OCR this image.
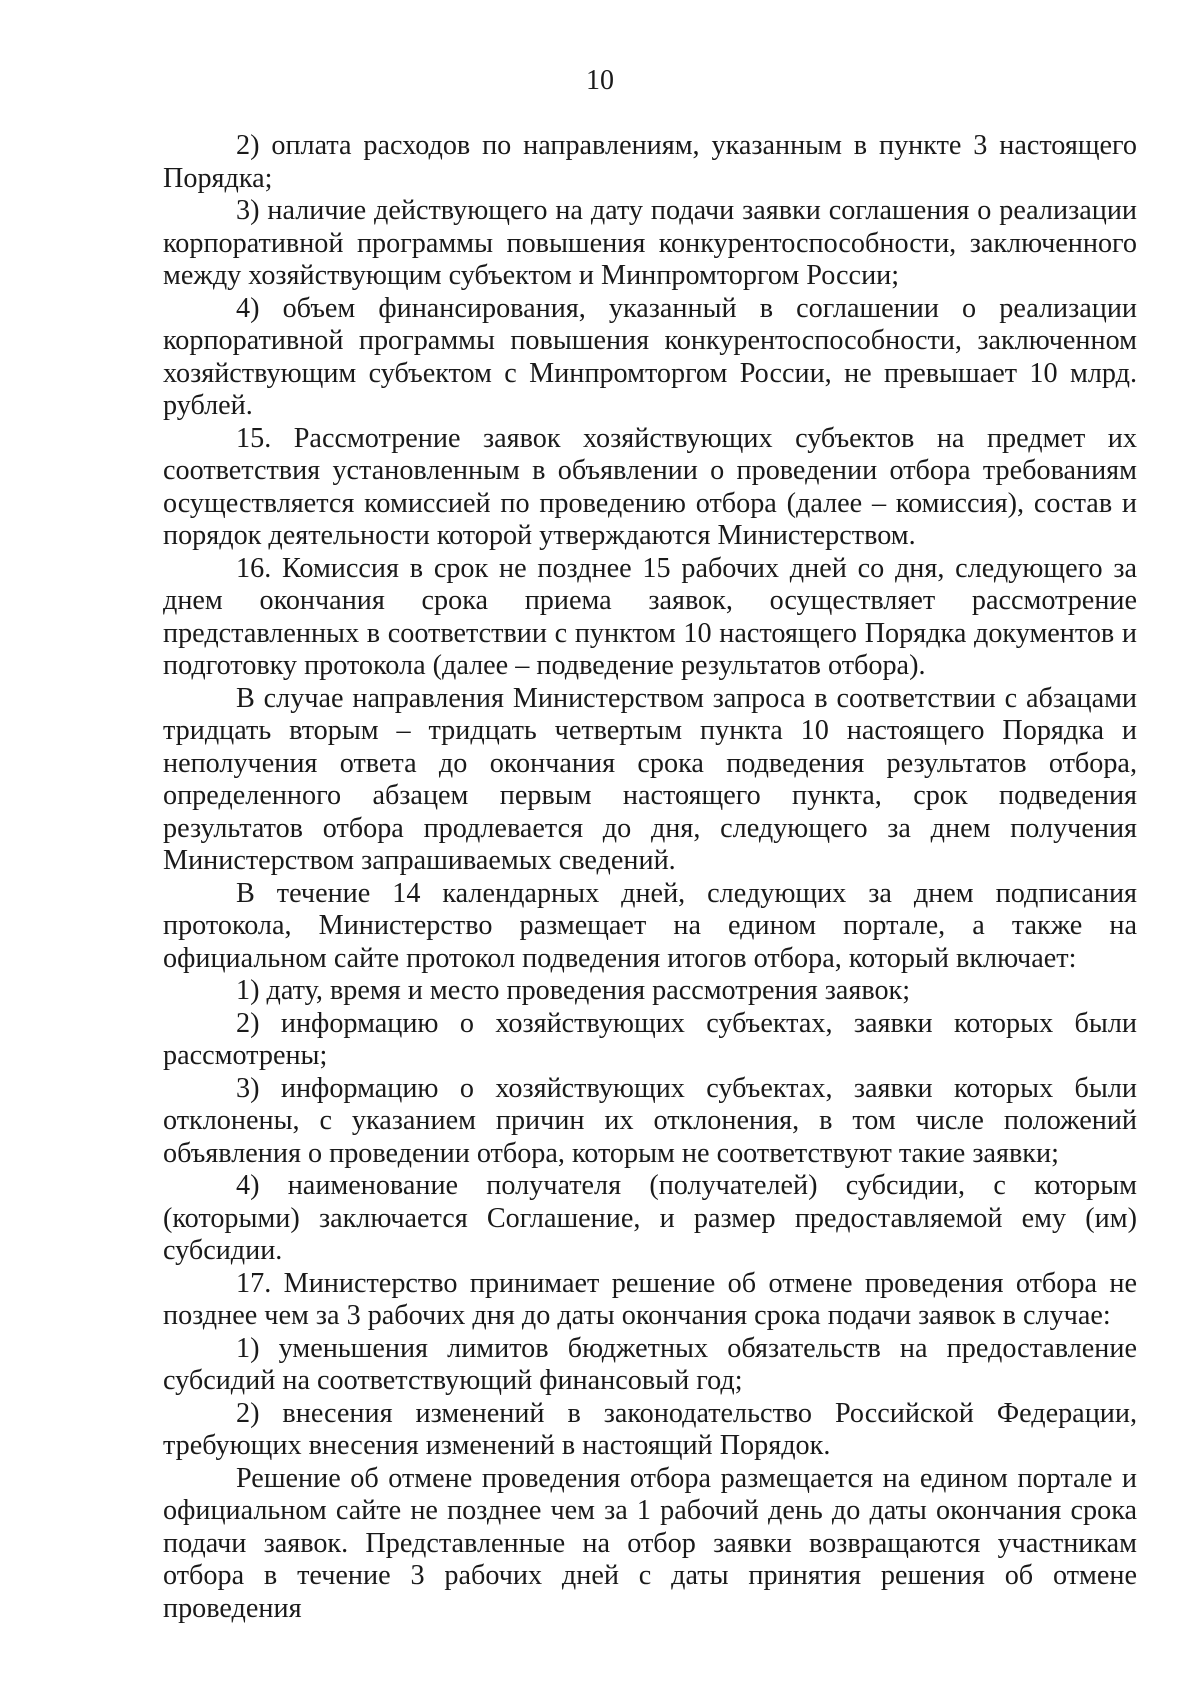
10

2) оплата расходов по направлениям, указанным в пункте 3 настоящего Порядка;

3) наличие действующего на дату подачи заявки соглашения о реализации корпоративной программы повышения конкурентоспособности, заключенного между хозяйствующим субъектом и Минпромторгом России;

4) объем финансирования, указанный в соглашении о реализации корпоративной программы повышения конкурентоспособности, заключенном хозяйствующим субъектом с Минпромторгом России, не превышает 10 млрд. рублей.

15. Рассмотрение заявок хозяйствующих субъектов на предмет их соответствия установленным в объявлении о проведении отбора требованиям осуществляется комиссией по проведению отбора (далее – комиссия), состав и порядок деятельности которой утверждаются Министерством.

16. Комиссия в срок не позднее 15 рабочих дней со дня, следующего за днем окончания срока приема заявок, осуществляет рассмотрение представленных в соответствии с пунктом 10 настоящего Порядка документов и подготовку протокола (далее – подведение результатов отбора).

В случае направления Министерством запроса в соответствии с абзацами тридцать вторым – тридцать четвертым пункта 10 настоящего Порядка и неполучения ответа до окончания срока подведения результатов отбора, определенного абзацем первым настоящего пункта, срок подведения результатов отбора продлевается до дня, следующего за днем получения Министерством запрашиваемых сведений.

В течение 14 календарных дней, следующих за днем подписания протокола, Министерство размещает на едином портале, а также на официальном сайте протокол подведения итогов отбора, который включает:

1) дату, время и место проведения рассмотрения заявок;

2) информацию о хозяйствующих субъектах, заявки которых были рассмотрены;

3) информацию о хозяйствующих субъектах, заявки которых были отклонены, с указанием причин их отклонения, в том числе положений объявления о проведении отбора, которым не соответствуют такие заявки;

4) наименование получателя (получателей) субсидии, с которым (которыми) заключается Соглашение, и размер предоставляемой ему (им) субсидии.

17. Министерство принимает решение об отмене проведения отбора не позднее чем за 3 рабочих дня до даты окончания срока подачи заявок в случае:

1) уменьшения лимитов бюджетных обязательств на предоставление субсидий на соответствующий финансовый год;

2) внесения изменений в законодательство Российской Федерации, требующих внесения изменений в настоящий Порядок.

Решение об отмене проведения отбора размещается на едином портале и официальном сайте не позднее чем за 1 рабочий день до даты окончания срока подачи заявок. Представленные на отбор заявки возвращаются участникам отбора в течение 3 рабочих дней с даты принятия решения об отмене проведения
